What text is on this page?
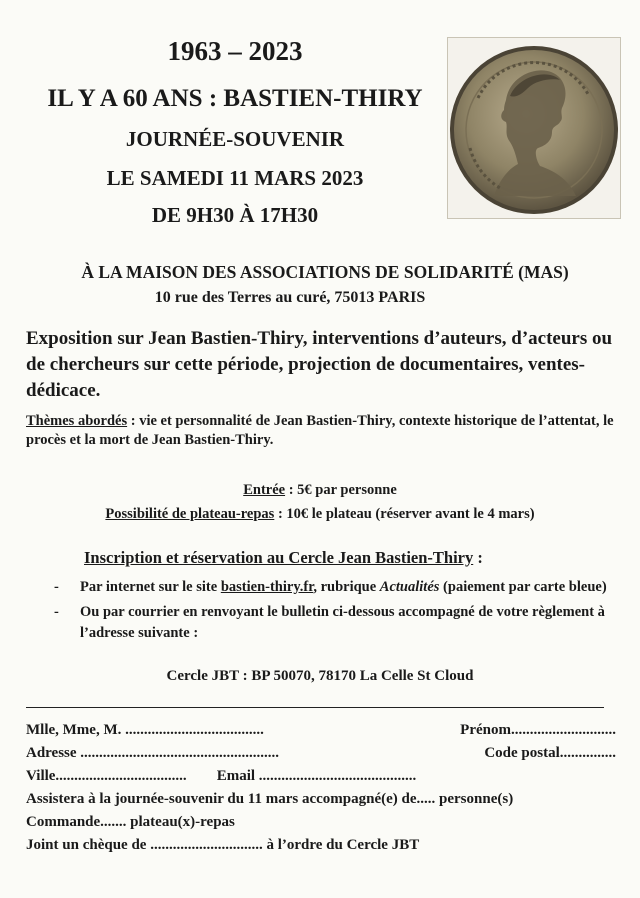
1963 – 2023
IL Y A 60 ANS : BASTIEN-THIRY
JOURNÉE-SOUVENIR
LE SAMEDI 11 MARS 2023
DE 9H30 À 17H30
À LA MAISON DES ASSOCIATIONS DE SOLIDARITÉ (MAS)
10 rue des Terres au curé, 75013 PARIS
Exposition sur Jean Bastien-Thiry, interventions d’auteurs, d’acteurs ou de chercheurs sur cette période, projection de documentaires, ventes-dédicace.
Thèmes abordés : vie et personnalité de Jean Bastien-Thiry, contexte historique de l’attentat, le procès et la mort de Jean Bastien-Thiry.
Entrée : 5€ par personne
Possibilité de plateau-repas : 10€ le plateau (réserver avant le 4 mars)
Inscription et réservation au Cercle Jean Bastien-Thiry :
-	Par internet sur le site bastien-thiry.fr, rubrique Actualités (paiement par carte bleue)
-	Ou par courrier en renvoyant le bulletin ci-dessous accompagné de votre règlement à l’adresse suivante :
Cercle JBT : BP 50070, 78170 La Celle St Cloud
Mlle, Mme, M. .....................................	Prénom............................
Adresse .....................................................	Code postal...............
Ville................................... Email ..........................................
Assistera à la journée-souvenir du 11 mars accompagné(e) de..... personne(s)
Commande....... plateau(x)-repas
Joint un chèque de .............................. à l’ordre du Cercle JBT
